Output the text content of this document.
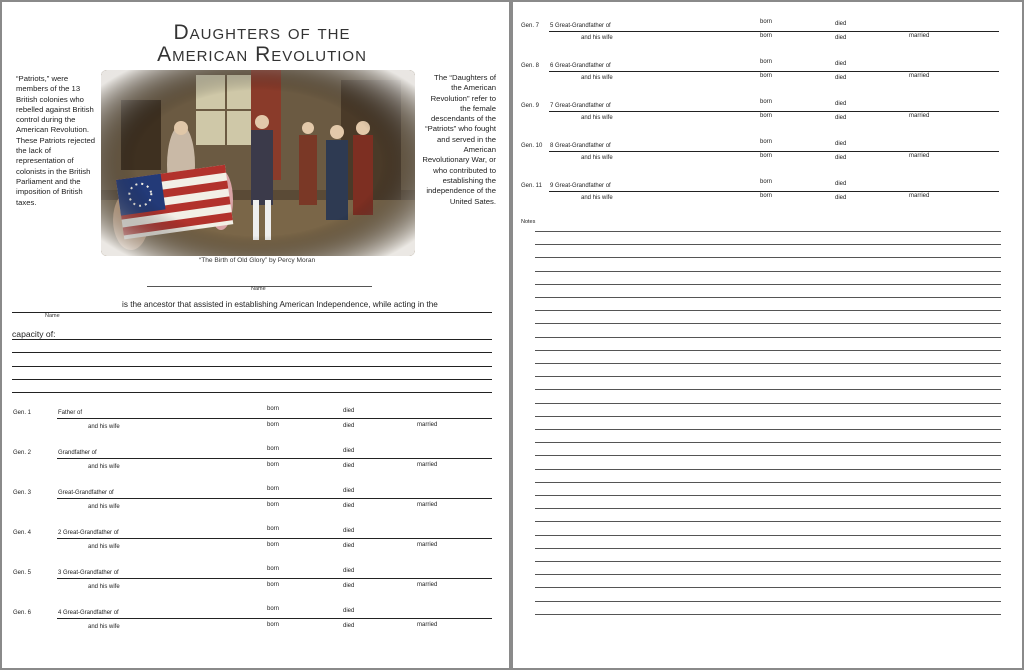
Daughters of the
American Revolution
“Patriots,” were members of the 13 British colonies who rebelled against British control during the American Revolution. These Patriots rejected the lack of representation of colonists in the British Parliament and the imposition of British taxes.
The “Daughters of the American Revolution” refer to the female descendants of the “Patriots” who fought and served in the American Revolutionary War, or who contributed to establishing the independence of the United Sates.
“The Birth of Old Glory” by Percy Moran
Name
is the ancestor that assisted in establishing American Independence, while acting in the
Name
capacity of:
Gen. 1	Father of
born	died
and his wife	born	died	married
Gen. 2	Grandfather of
born	died
and his wife	born	died	married
Gen. 3	Great-Grandfather of
born	died
and his wife	born	died	married
Gen. 4	2 Great-Grandfather of
born	died
and his wife	born	died	married
Gen. 5	3 Great-Grandfather of
born	died
and his wife	born	died	married
Gen. 6	4 Great-Grandfather of
born	died
and his wife	born	died	married
Gen. 7 5 Great-Grandfather of
born	died
and his wife	born	died	married
Gen. 8 6 Great-Grandfather of
born	died
and his wife	born	died	married
Gen. 9 7 Great-Grandfather of
born	died
and his wife	born	died	married
Gen. 10 8 Great-Grandfather of
born	died
and his wife	born	died	married
Gen. 11 9 Great-Grandfather of
born	died
and his wife	born	died	married
Notes
